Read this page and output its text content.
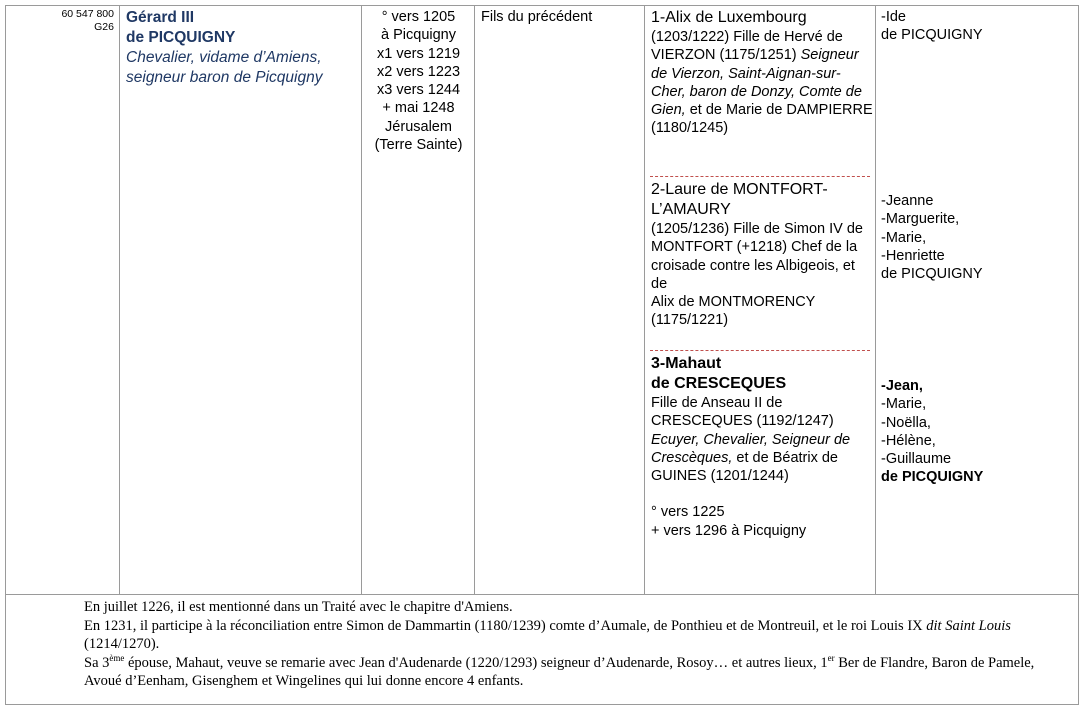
60 547 800
G26
Gérard III
de PICQUIGNY
Chevalier, vidame d’Amiens, seigneur baron de Picquigny
° vers 1205
à Picquigny
x1 vers 1219
x2 vers 1223
x3 vers 1244
+ mai 1248
Jérusalem
(Terre Sainte)
Fils du précédent	1-Alix de Luxembourg
(1203/1222) Fille de Hervé de VIERZON (1175/1251) Seigneur de Vierzon, Saint-Aignan-sur-Cher, baron de Donzy, Comte de Gien, et de Marie de DAMPIERRE (1180/1245)
2-Laure de MONTFORT-L’AMAURY
(1205/1236) Fille de Simon IV de MONTFORT (+1218) Chef de la croisade contre les Albigeois, et de
Alix de MONTMORENCY (1175/1221)
3-Mahaut
de CRESCEQUES
Fille de Anseau II de CRESCEQUES (1192/1247) Ecuyer, Chevalier, Seigneur de Crescèques, et de Béatrix de GUINES (1201/1244)
° vers 1225
+ vers 1296 à Picquigny
-Ide
de PICQUIGNY
-Jeanne
-Marguerite,
-Marie,
-Henriette
de PICQUIGNY
-Jean,
-Marie,
-Noëlla,
-Hélène,
-Guillaume
de PICQUIGNY

En juillet 1226, il est mentionné dans un Traité avec le chapitre d'Amiens.

En 1231, il participe à la réconciliation entre Simon de Dammartin (1180/1239) comte d’Aumale, de Ponthieu et de Montreuil, et le roi Louis IX dit Saint Louis (1214/1270).

Sa 3ème épouse, Mahaut, veuve se remarie avec Jean d'Audenarde (1220/1293) seigneur d’Audenarde, Rosoy… et autres lieux, 1er Ber de Flandre, Baron de Pamele, Avoué d’Eenham, Gisenghem et Wingelines qui lui donne encore 4 enfants.
